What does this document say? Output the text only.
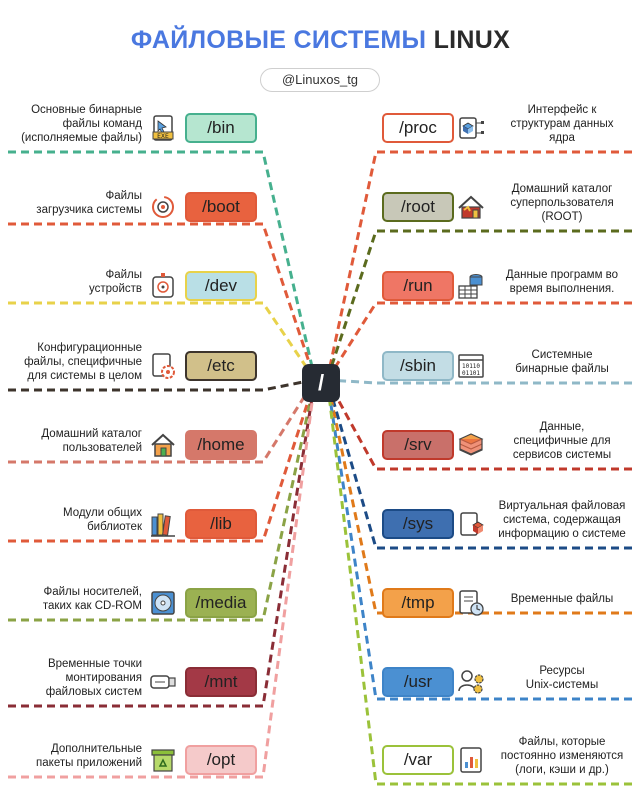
ФАЙЛОВЫЕ СИСТЕМЫ LINUX
@Linuxos_tg
/
Основные бинарные
файлы команд
(исполняемые файлы)	EXE	/bin
Файлы
загрузчика системы	/boot
Файлы
устройств	/dev
Конфигурационные
файлы, специфичные
для системы в целом
/etc
Домашний каталог
пользователей	/home
Модули общих
библиотек	/lib
Файлы носителей,
таких как CD-ROM	/media
Временные точки
монтирования
файловых систем
/mnt
Дополнительные
пакеты приложений	/opt
Интерфейс к
структурам данных
ядра
/proc
Домашний каталог
суперпользователя
(ROOT)
/root
Данные программ во
время выполнения.
/run
Системные
бинарные файлы
10110
01101
/sbin
Данные,
специфичные для
сервисов системы
/srv
Виртуальная файловая
система, содержащая
информацию о системе
/sys
Временные файлы
/tmp
Ресурсы
Unix-системы
/usr
Файлы, которые
постоянно изменяются
(логи, кэши и др.)
/var
